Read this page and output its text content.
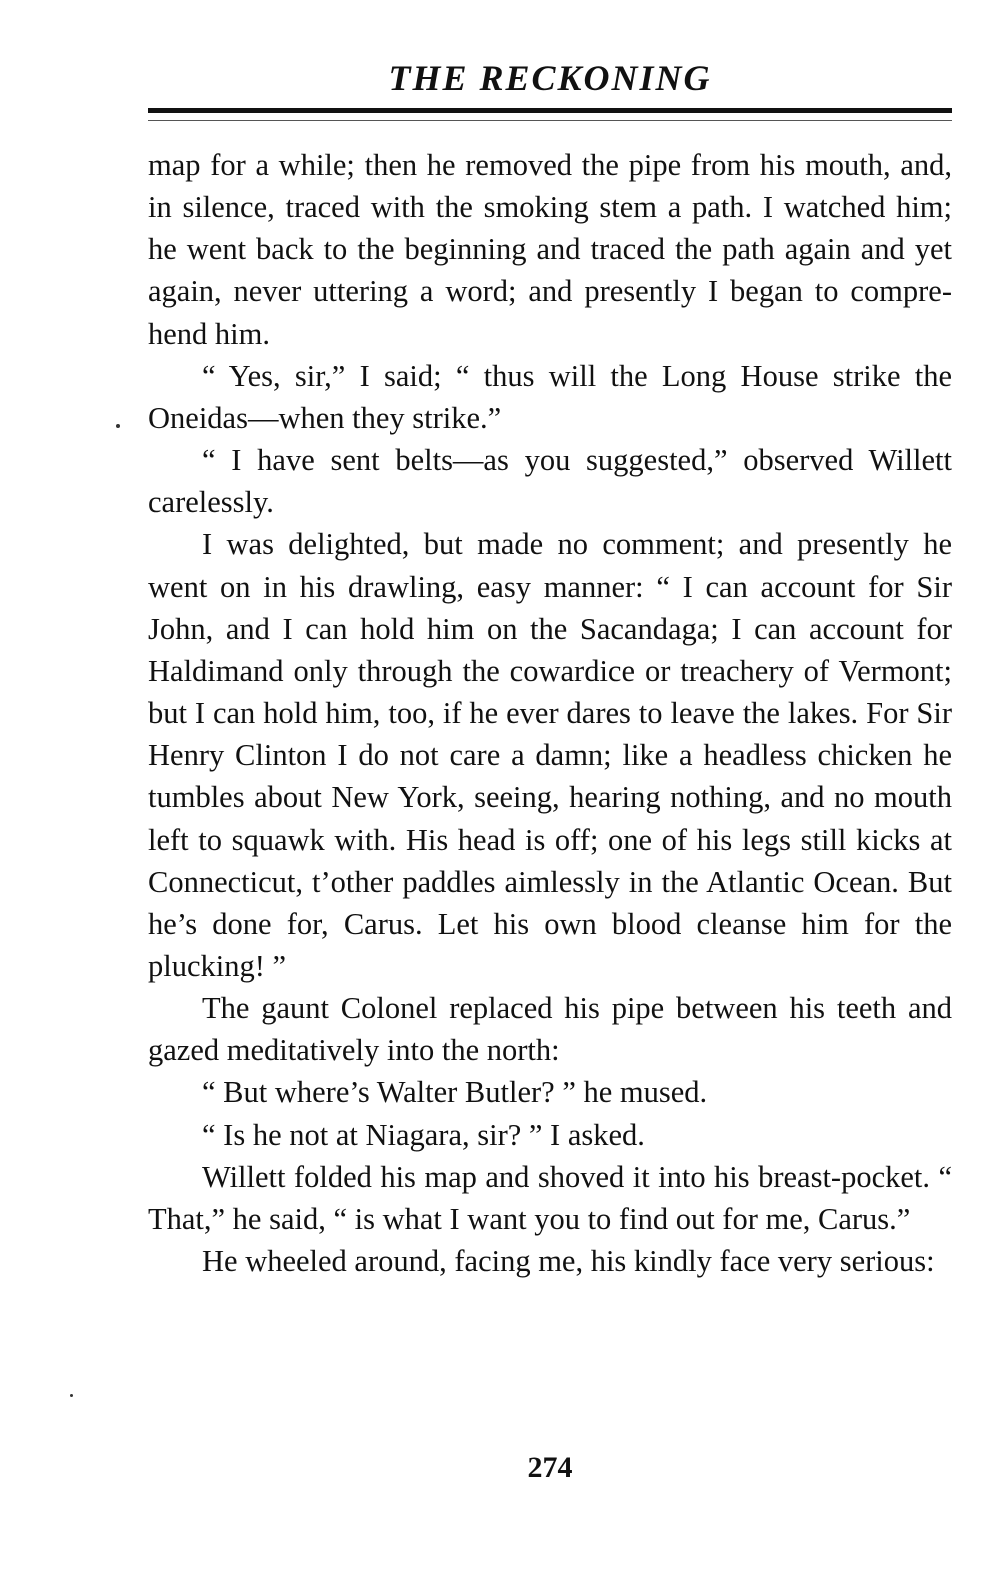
THE RECKONING

map for a while; then he removed the pipe from his mouth, and, in silence, traced with the smoking stem a path. I watched him; he went back to the beginning and traced the path again and yet again, never uttering a word; and presently I began to comprehend him.

“ Yes, sir,” I said; “ thus will the Long House strike the Oneidas—when they strike.”

“ I have sent belts—as you suggested,” observed Willett carelessly.

I was delighted, but made no comment; and presently he went on in his drawling, easy manner: “ I can account for Sir John, and I can hold him on the Sacandaga; I can account for Haldimand only through the cowardice or treachery of Vermont; but I can hold him, too, if he ever dares to leave the lakes. For Sir Henry Clinton I do not care a damn; like a headless chicken he tumbles about New York, seeing, hearing nothing, and no mouth left to squawk with. His head is off; one of his legs still kicks at Connecticut, t’other paddles aimlessly in the Atlantic Ocean. But he’s done for, Carus. Let his own blood cleanse him for the plucking! ”

The gaunt Colonel replaced his pipe between his teeth and gazed meditatively into the north:

“ But where’s Walter Butler? ” he mused.

“ Is he not at Niagara, sir? ” I asked.

Willett folded his map and shoved it into his breast-pocket. “ That,” he said, “ is what I want you to find out for me, Carus.”

He wheeled around, facing me, his kindly face very serious:

274
